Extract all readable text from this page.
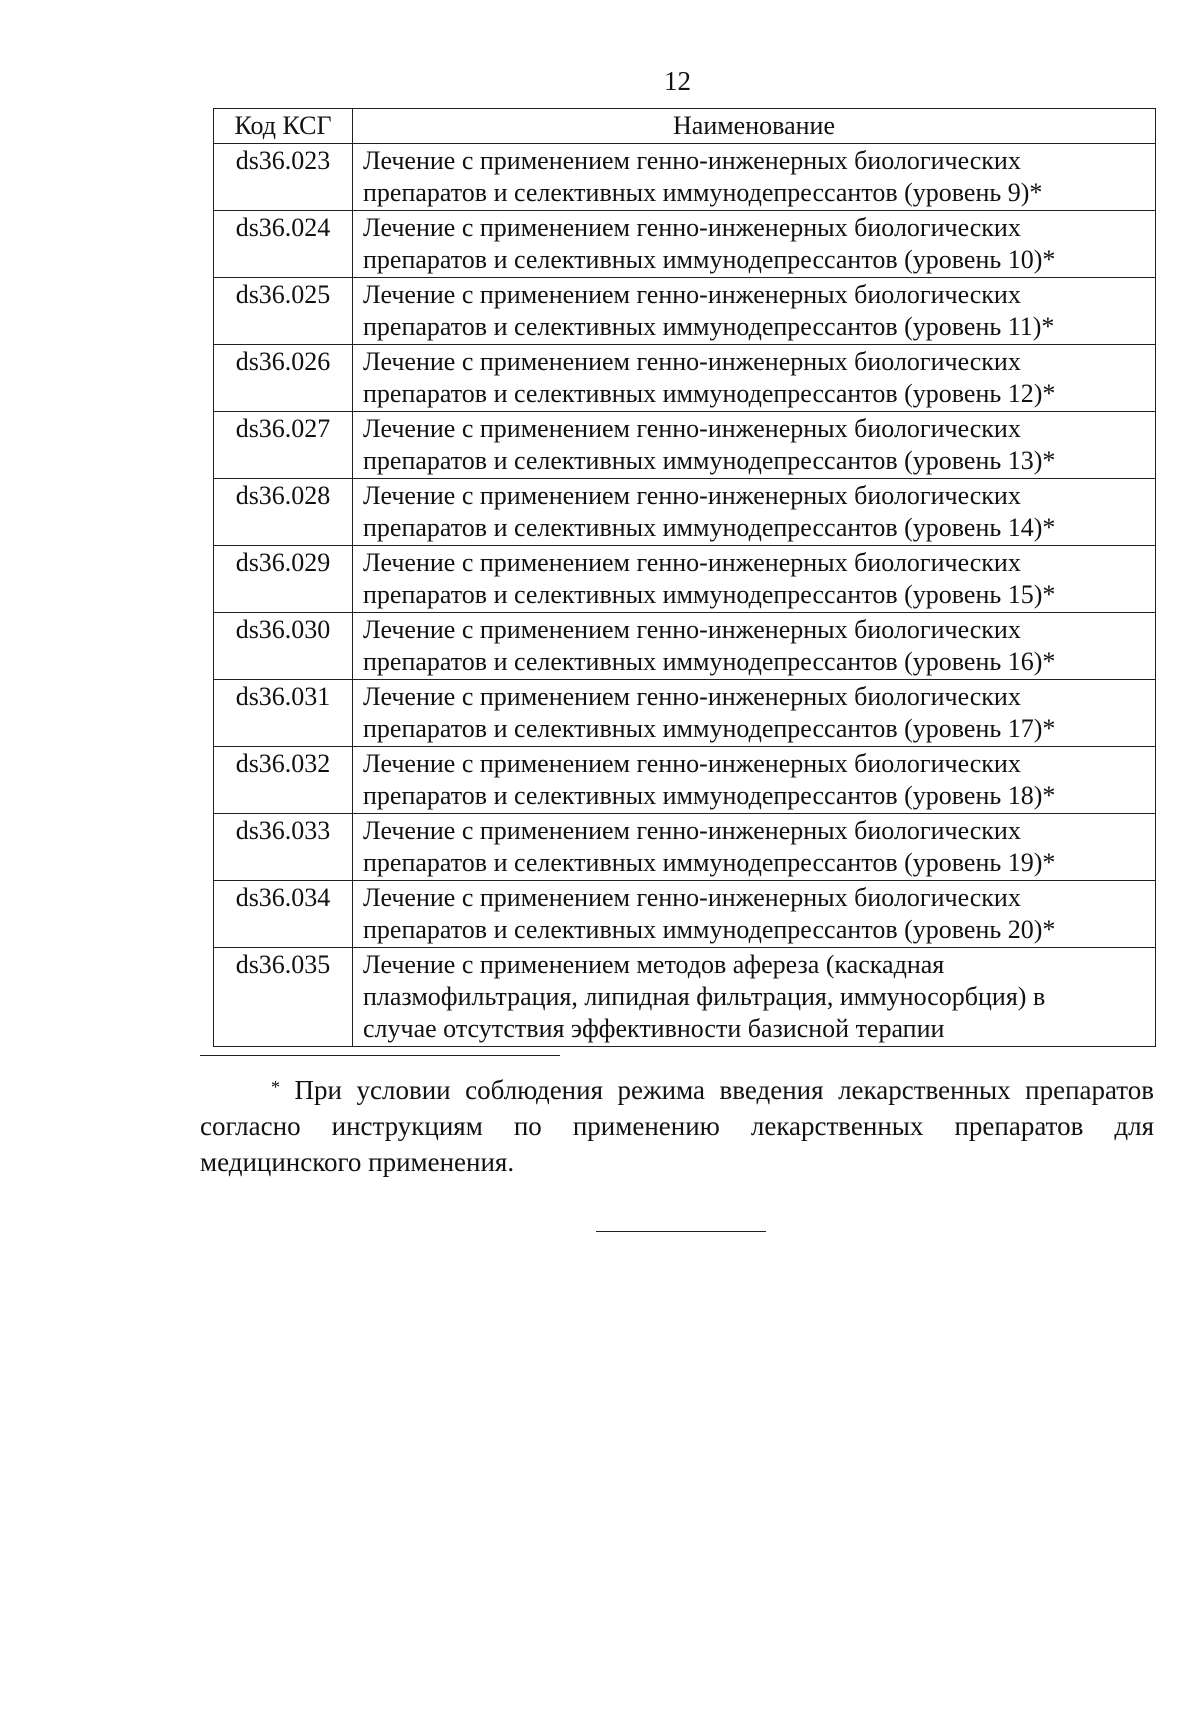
12
Код КСГ	Наименование
ds36.023	Лечение с применением генно-инженерных биологических
препаратов и селективных иммунодепрессантов (уровень 9)*

ds36.024	Лечение с применением генно-инженерных биологических
препаратов и селективных иммунодепрессантов (уровень 10)*

ds36.025	Лечение с применением генно-инженерных биологических
препаратов и селективных иммунодепрессантов (уровень 11)*

ds36.026	Лечение с применением генно-инженерных биологических
препаратов и селективных иммунодепрессантов (уровень 12)*

ds36.027	Лечение с применением генно-инженерных биологических
препаратов и селективных иммунодепрессантов (уровень 13)*

ds36.028	Лечение с применением генно-инженерных биологических
препаратов и селективных иммунодепрессантов (уровень 14)*

ds36.029	Лечение с применением генно-инженерных биологических
препаратов и селективных иммунодепрессантов (уровень 15)*

ds36.030	Лечение с применением генно-инженерных биологических
препаратов и селективных иммунодепрессантов (уровень 16)*

ds36.031	Лечение с применением генно-инженерных биологических
препаратов и селективных иммунодепрессантов (уровень 17)*

ds36.032	Лечение с применением генно-инженерных биологических
препаратов и селективных иммунодепрессантов (уровень 18)*

ds36.033	Лечение с применением генно-инженерных биологических
препаратов и селективных иммунодепрессантов (уровень 19)*

ds36.034	Лечение с применением генно-инженерных биологических
препаратов и селективных иммунодепрессантов (уровень 20)*

ds36.035	Лечение с применением методов афереза (каскадная
плазмофильтрация, липидная фильтрация, иммуносорбция) в
случае отсутствия эффективности базисной терапии
* При условии соблюдения режима введения лекарственных препаратов
согласно инструкциям по применению лекарственных препаратов для
медицинского применения.
